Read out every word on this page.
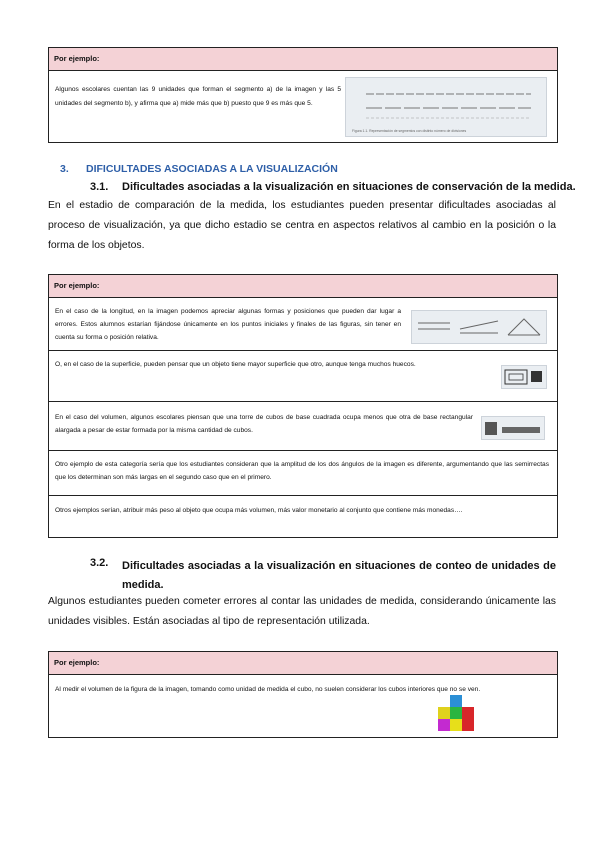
Por ejemplo:
Algunos escolares cuentan las 9 unidades que forman el segmento a) de la imagen y las 5 unidades del segmento b), y afirma que a) mide más que b) puesto que 9 es más que 5.
Figura 1.1. Representación de segmentos con distinto número de divisiones
3. DIFICULTADES ASOCIADAS A LA VISUALIZACIÓN
3.1. Dificultades asociadas a la visualización en situaciones de conservación de la medida.
En el estadio de comparación de la medida, los estudiantes pueden presentar dificultades asociadas al proceso de visualización, ya que dicho estadio se centra en aspectos relativos al cambio en la posición o la forma de los objetos.
Por ejemplo:
En el caso de la longitud, en la imagen podemos apreciar algunas formas y posiciones que pueden dar lugar a errores. Estos alumnos estarían fijándose únicamente en los puntos iniciales y finales de las figuras, sin tener en cuenta su forma o posición relativa.
O, en el caso de la superficie, pueden pensar que un objeto tiene mayor superficie que otro, aunque tenga muchos huecos.
En el caso del volumen, algunos escolares piensan que una torre de cubos de base cuadrada ocupa menos que otra de base rectangular alargada a pesar de estar formada por la misma cantidad de cubos.
Otro ejemplo de esta categoría sería que los estudiantes consideran que la amplitud de los dos ángulos de la imagen es diferente, argumentando que las semirrectas que los determinan son más largas en el segundo caso que en el primero.
Otros ejemplos serían, atribuir más peso al objeto que ocupa más volumen, más valor monetario al conjunto que contiene más monedas….
3.2. Dificultades asociadas a la visualización en situaciones de conteo de unidades de medida.
Algunos estudiantes pueden cometer errores al contar las unidades de medida, considerando únicamente las unidades visibles. Están asociadas al tipo de representación utilizada.
Por ejemplo:
Al medir el volumen de la figura de la imagen, tomando como unidad de medida el cubo, no suelen considerar los cubos interiores que no se ven.
